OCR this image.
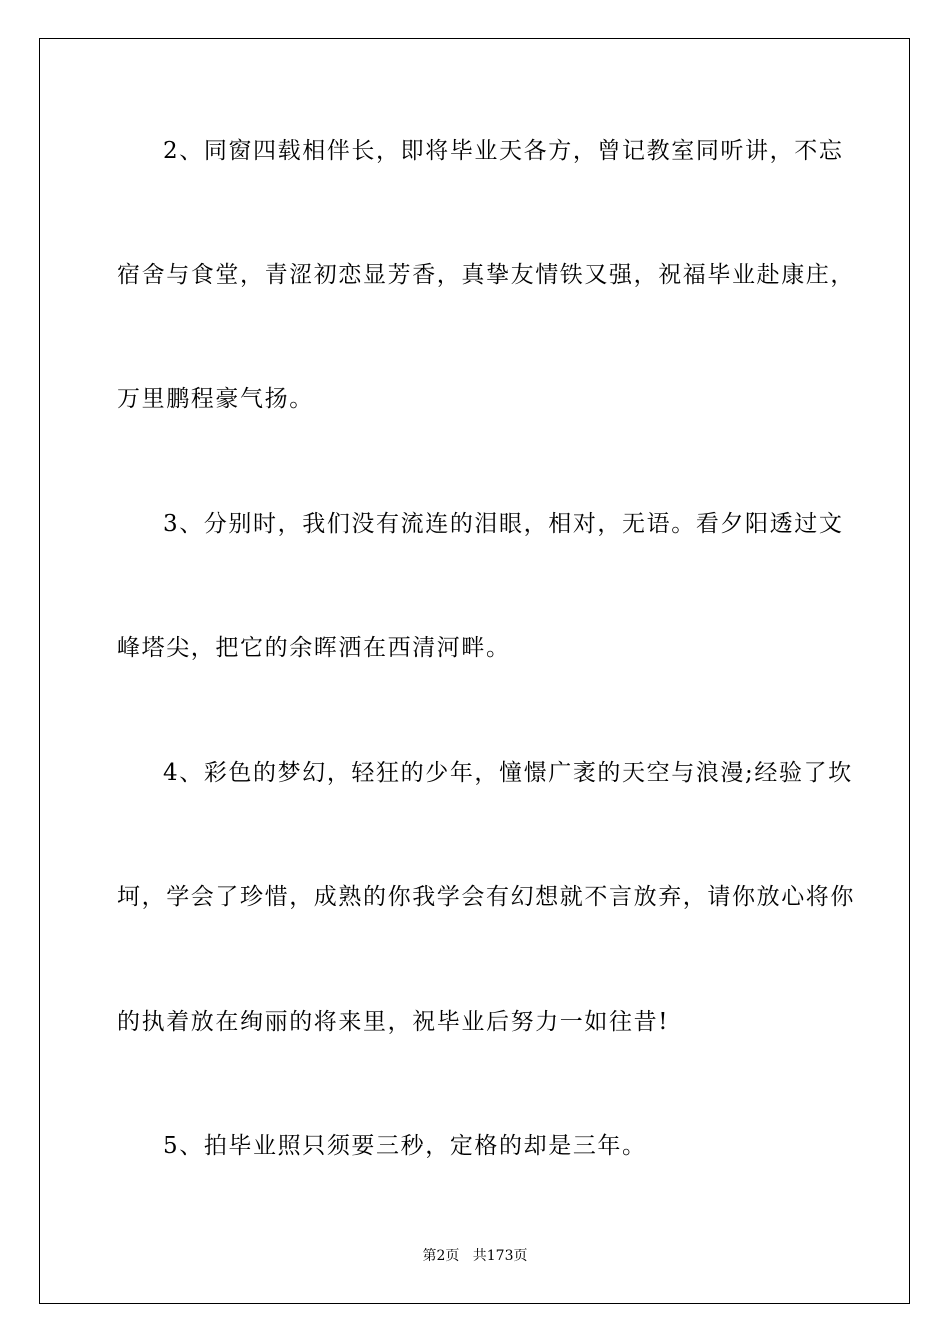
2、同窗四载相伴长，即将毕业天各方，曾记教室同听讲，不忘
宿舍与食堂，青涩初恋显芳香，真挚友情铁又强，祝福毕业赴康庄，
万里鹏程豪气扬。
3、分别时，我们没有流连的泪眼，相对，无语。看夕阳透过文
峰塔尖，把它的余晖洒在西清河畔。
4、彩色的梦幻，轻狂的少年，憧憬广袤的天空与浪漫;经验了坎
坷，学会了珍惜，成熟的你我学会有幻想就不言放弃，请你放心将你
的执着放在绚丽的将来里，祝毕业后努力一如往昔!
5、拍毕业照只须要三秒，定格的却是三年。
第2页 共173页
